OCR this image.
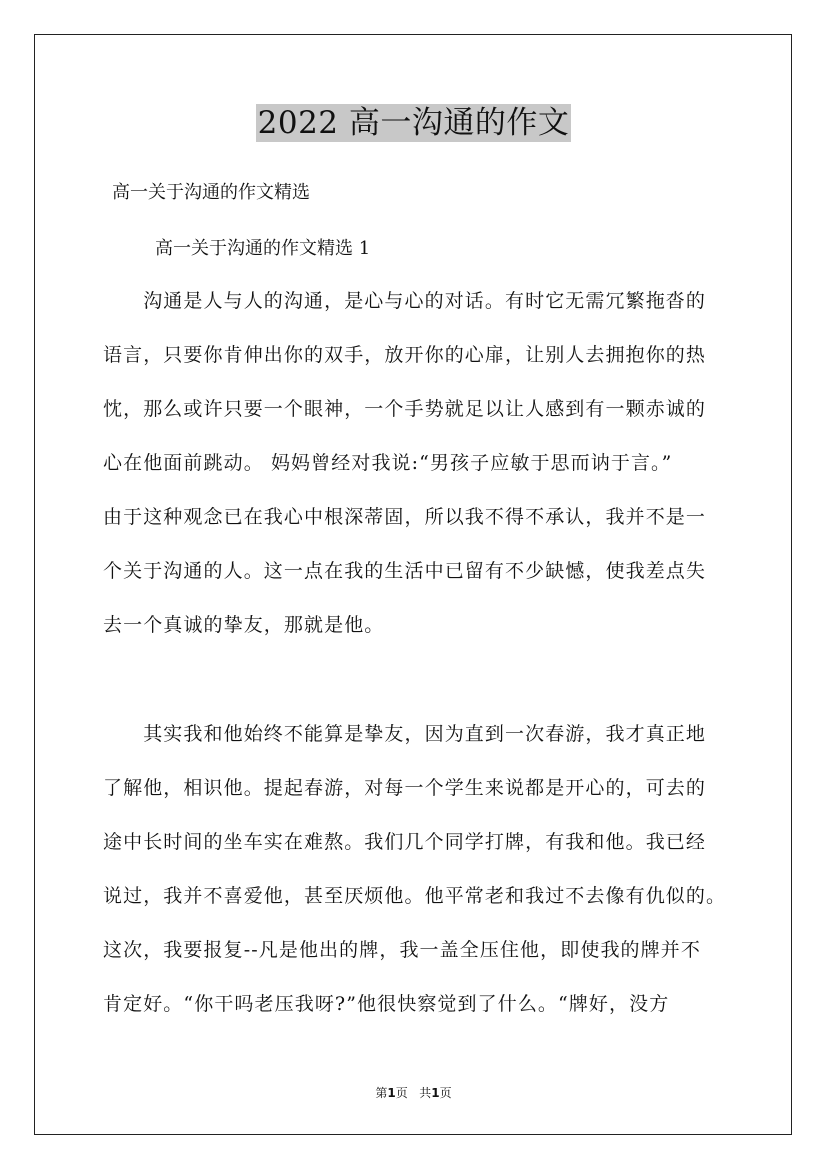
2022 高一沟通的作文
高一关于沟通的作文精选
高一关于沟通的作文精选 1
　　沟通是人与人的沟通，是心与心的对话。有时它无需冗繁拖沓的
语言，只要你肯伸出你的双手，放开你的心扉，让别人去拥抱你的热
忱，那么或许只要一个眼神，一个手势就足以让人感到有一颗赤诚的
心在他面前跳动。 妈妈曾经对我说:“男孩子应敏于思而讷于言。”
由于这种观念已在我心中根深蒂固，所以我不得不承认，我并不是一
个关于沟通的人。这一点在我的生活中已留有不少缺憾，使我差点失
去一个真诚的挚友，那就是他。
　　其实我和他始终不能算是挚友，因为直到一次春游，我才真正地
了解他，相识他。提起春游，对每一个学生来说都是开心的，可去的
途中长时间的坐车实在难熬。我们几个同学打牌，有我和他。我已经
说过，我并不喜爱他，甚至厌烦他。他平常老和我过不去像有仇似的。
这次，我要报复--凡是他出的牌，我一盖全压住他，即使我的牌并不
肯定好。“你干吗老压我呀?”他很快察觉到了什么。“牌好，没方
第1页 共1页
